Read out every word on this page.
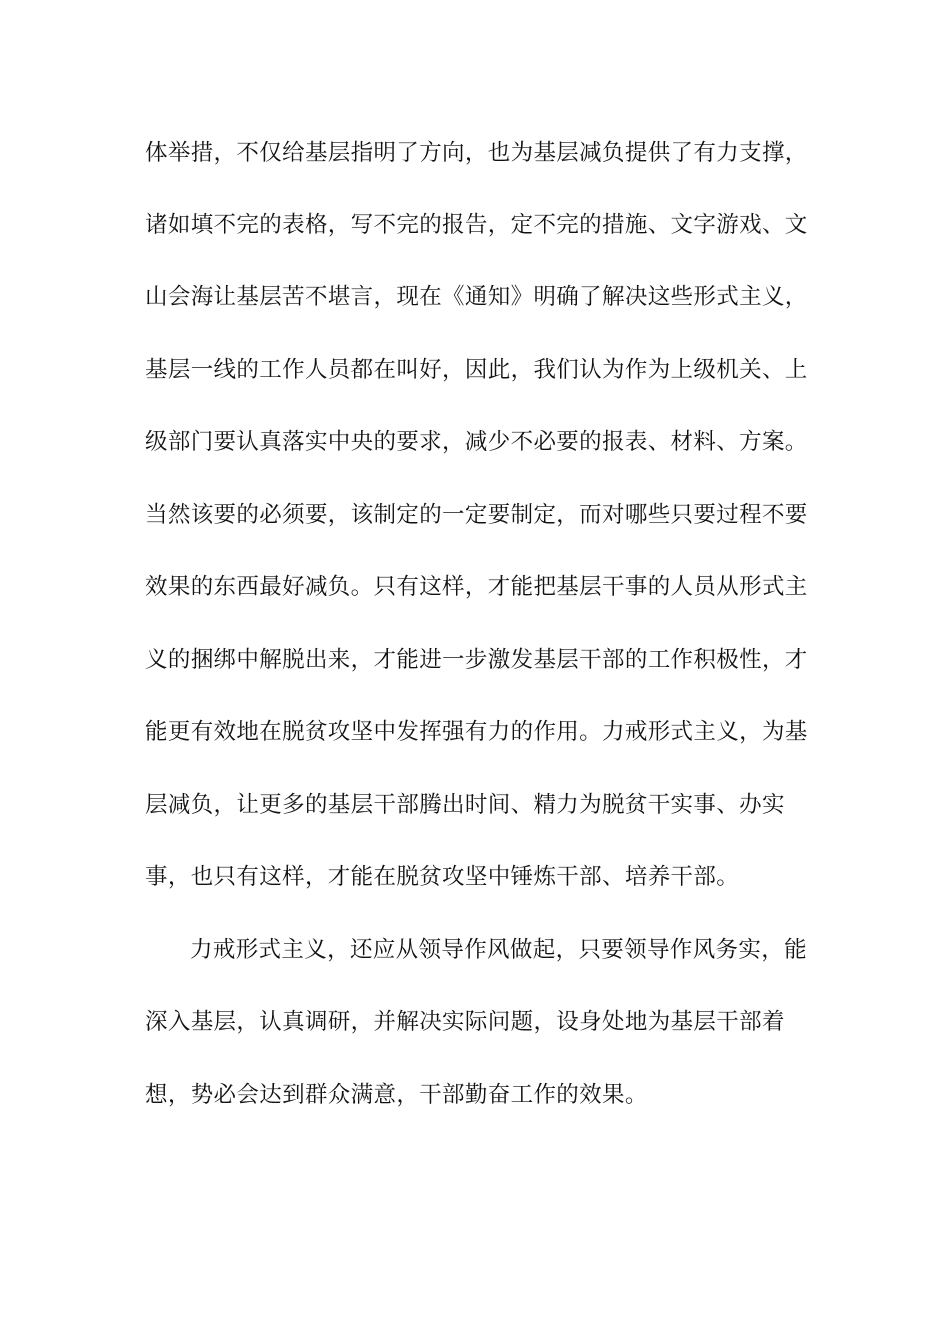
体举措，不仅给基层指明了方向，也为基层减负提供了有力支撑，
诸如填不完的表格，写不完的报告，定不完的措施、文字游戏、文
山会海让基层苦不堪言，现在《通知》明确了解决这些形式主义，
基层一线的工作人员都在叫好，因此，我们认为作为上级机关、上
级部门要认真落实中央的要求，减少不必要的报表、材料、方案。
当然该要的必须要，该制定的一定要制定，而对哪些只要过程不要
效果的东西最好减负。只有这样，才能把基层干事的人员从形式主
义的捆绑中解脱出来，才能进一步激发基层干部的工作积极性，才
能更有效地在脱贫攻坚中发挥强有力的作用。力戒形式主义，为基
层减负，让更多的基层干部腾出时间、精力为脱贫干实事、办实
事，也只有这样，才能在脱贫攻坚中锤炼干部、培养干部。
力戒形式主义，还应从领导作风做起，只要领导作风务实，能
深入基层，认真调研，并解决实际问题，设身处地为基层干部着
想，势必会达到群众满意，干部勤奋工作的效果。
